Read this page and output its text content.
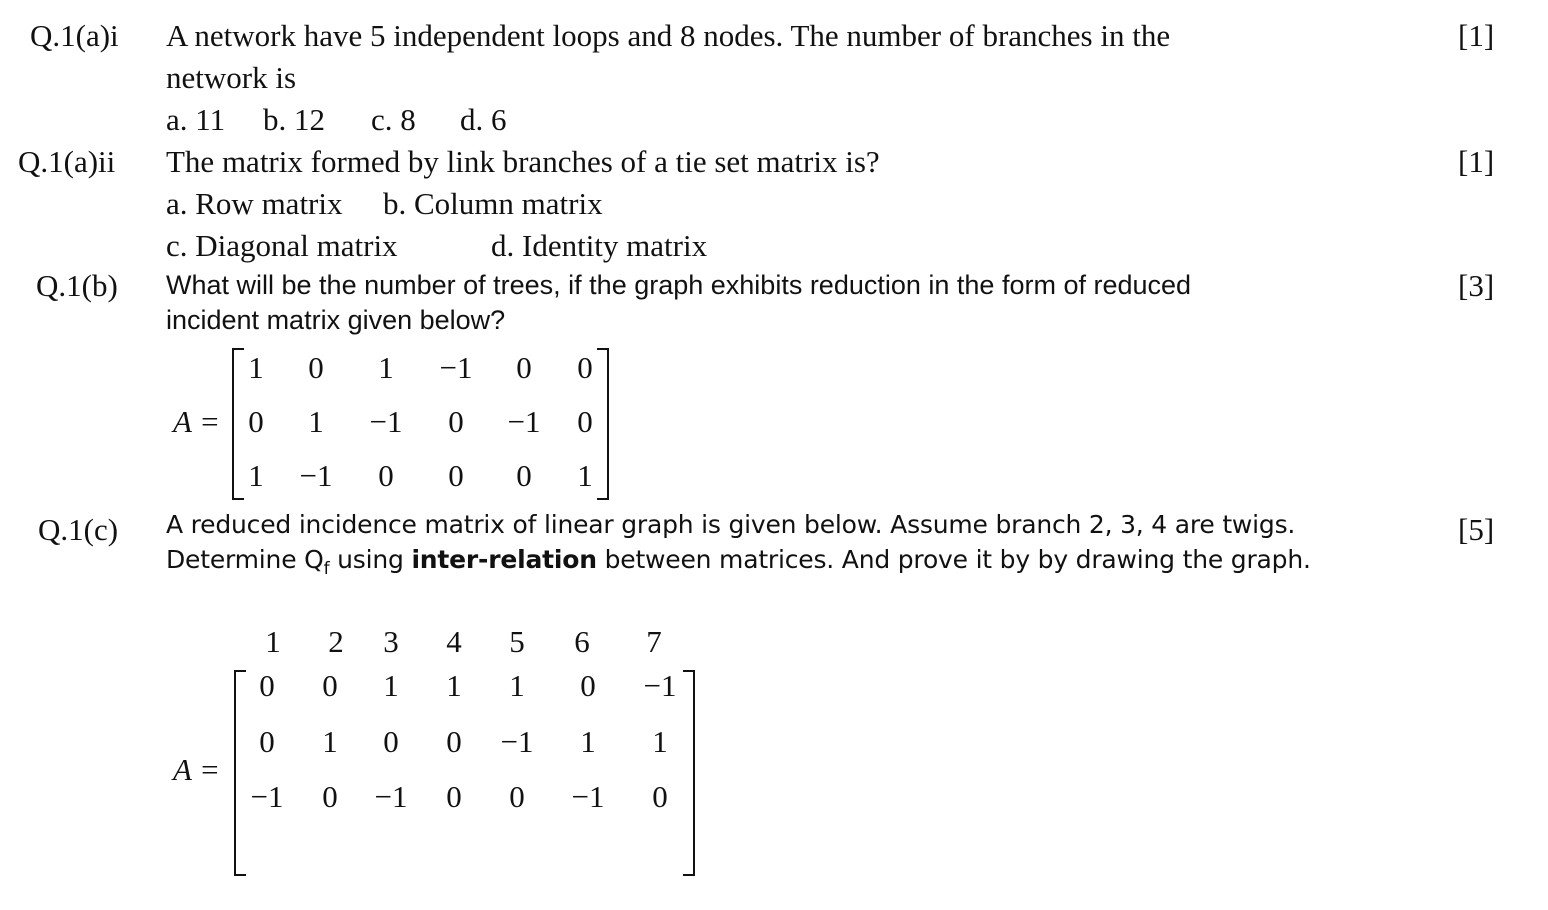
Q.1(a)i A network have 5 independent loops and 8 nodes. The number of branches in the
network is
a. 11 b. 12 c. 8 d. 6
[1]
Q.1(a)ii The matrix formed by link branches of a tie set matrix is?
a. Row matrix b. Column matrix
c. Diagonal matrix	d. Identity matrix
[1]
Q.1(b) What will be the number of trees, if the graph exhibits reduction in the form of reduced
incident matrix given below?
[3]
A =
1	0	1	−1	0	0
0	1	−1	0	−1	0
1	−1	0	0	0	1
Q.1(c) A reduced incidence matrix of linear graph is given below. Assume branch 2, 3, 4 are twigs.
Determine $Q_f$ using inter-relation between matrices. And prove it by by drawing the graph.
[5]
1	2	3	4	5	6	7
A =
0	0	1	1	1	0	−1
0	1	0	0	−1	1	1
−1	0	−1	0	0	−1	0
